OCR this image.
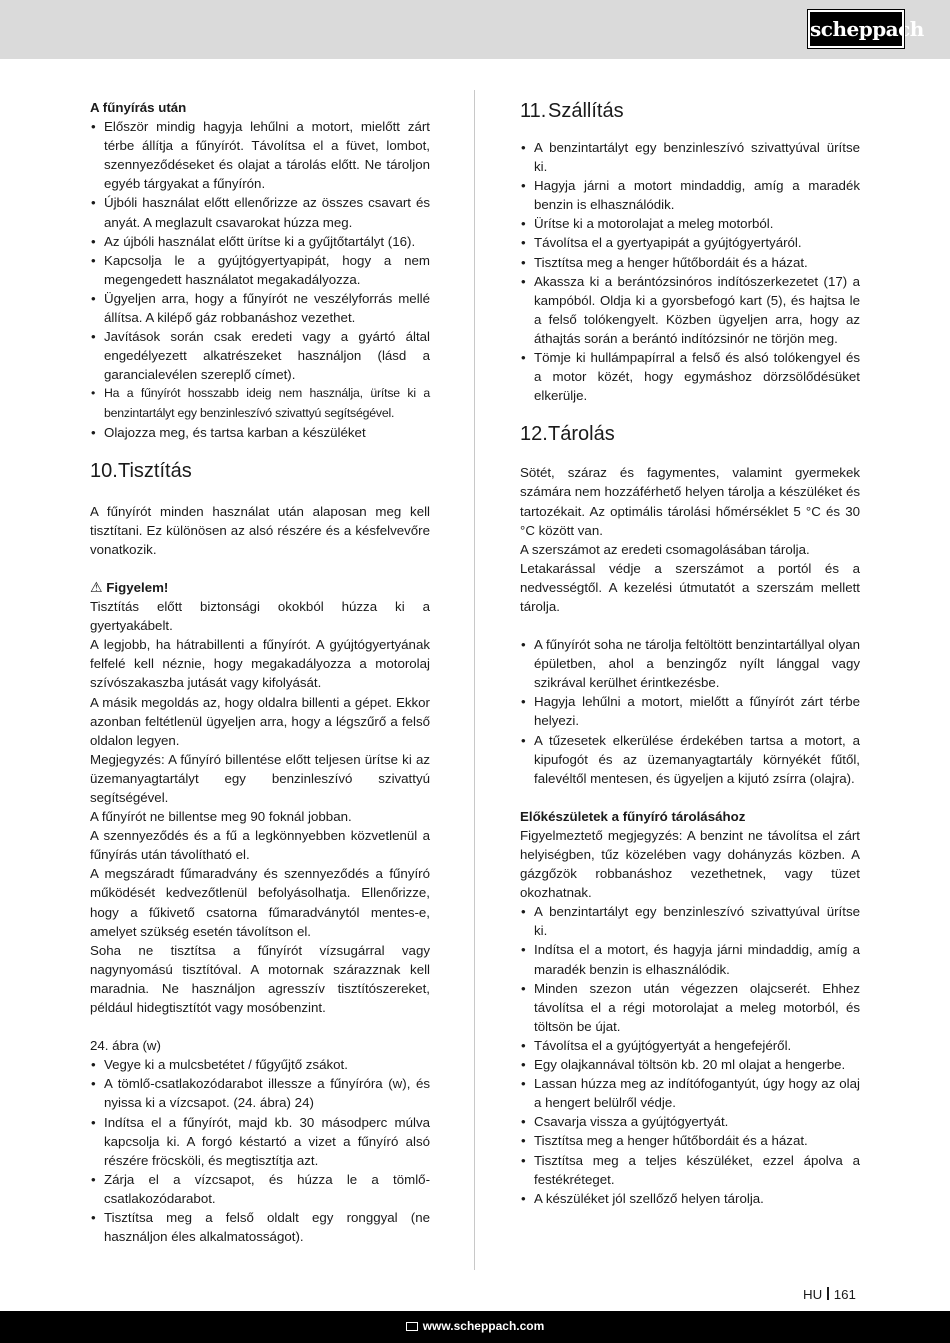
scheppach

A fűnyírás után

• Először mindig hagyja lehűlni a motort, mielőtt zárt térbe állítja a fűnyírót. Távolítsa el a füvet, lombot, szennyeződéseket és olajat a tárolás előtt. Ne tároljon egyéb tárgyakat a fűnyírón.
• Újbóli használat előtt ellenőrizze az összes csavart és anyát. A meglazult csavarokat húzza meg.
• Az újbóli használat előtt ürítse ki a gyűjtőtartályt (16).
• Kapcsolja le a gyújtógyertyapipát, hogy a nem megengedett használatot megakadályozza.
• Ügyeljen arra, hogy a fűnyírót ne veszélyforrás mellé állítsa. A kilépő gáz robbanáshoz vezethet.
• Javítások során csak eredeti vagy a gyártó által engedélyezett alkatrészeket használjon (lásd a garancialevélen szereplő címet).
• Ha a fűnyírót hosszabb ideig nem használja, ürítse ki a benzintartályt egy benzinleszívó szivattyú segítségével.
• Olajozza meg, és tartsa karban a készüléket
10.Tisztítás

A fűnyírót minden használat után alaposan meg kell tisztítani. Ez különösen az alsó részére és a késfelvevőre vonatkozik.

⚠ Figyelem!

Tisztítás előtt biztonsági okokból húzza ki a gyertyakábelt.

A legjobb, ha hátrabillenti a fűnyírót. A gyújtógyertyának felfelé kell néznie, hogy megakadályozza a motorolaj szívószakaszba jutását vagy kifolyását.

A másik megoldás az, hogy oldalra billenti a gépet. Ekkor azonban feltétlenül ügyeljen arra, hogy a légszűrő a felső oldalon legyen.

Megjegyzés: A fűnyíró billentése előtt teljesen ürítse ki az üzemanyagtartályt egy benzinleszívó szivattyú segítségével.

A fűnyírót ne billentse meg 90 foknál jobban.

A szennyeződés és a fű a legkönnyebben közvetlenül a fűnyírás után távolítható el.

A megszáradt fűmaradvány és szennyeződés a fűnyíró működését kedvezőtlenül befolyásolhatja. Ellenőrizze, hogy a fűkivető csatorna fűmaradványtól mentes-e, amelyet szükség esetén távolítson el.

Soha ne tisztítsa a fűnyírót vízsugárral vagy nagynyomású tisztítóval. A motornak szárazznak kell maradnia. Ne használjon agresszív tisztítószereket, például hidegtisztítót vagy mosóbenzint.

24. ábra (w)

• Vegye ki a mulcsbetétet / fűgyűjtő zsákot.
• A tömlő-csatlakozódarabot illessze a fűnyíróra (w), és nyissa ki a vízcsapot. (24. ábra) 24)
• Indítsa el a fűnyírót, majd kb. 30 másodperc múlva kapcsolja ki. A forgó késtartó a vizet a fűnyíró alsó részére fröcsköli, és megtisztítja azt.
• Zárja el a vízcsapot, és húzza le a tömlő-csatlakozódarabot.
• Tisztítsa meg a felső oldalt egy ronggyal (ne használjon éles alkalmatosságot).
11.Szállítás
• A benzintartályt egy benzinleszívó szivattyúval ürítse ki.
• Hagyja járni a motort mindaddig, amíg a maradék benzin is elhasználódik.
• Ürítse ki a motorolajat a meleg motorból.
• Távolítsa el a gyertyapipát a gyújtógyertyáról.
• Tisztítsa meg a henger hűtőbordáit és a házat.
• Akassza ki a berántózsinóros indítószerkezetet (17) a kampóból. Oldja ki a gyorsbefogó kart (5), és hajtsa le a felső tolókengyelt. Közben ügyeljen arra, hogy az áthajtás során a berántó indítózsinór ne törjön meg.
• Tömje ki hullámpapírral a felső és alsó tolókengyel és a motor közét, hogy egymáshoz dörzsölődésüket elkerülje.
12.Tárolás

Sötét, száraz és fagymentes, valamint gyermekek számára nem hozzáférhető helyen tárolja a készüléket és tartozékait. Az optimális tárolási hőmérséklet 5 °C és 30 °C között van.

A szerszámot az eredeti csomagolásában tárolja.

Letakarással védje a szerszámot a portól és a nedvességtől. A kezelési útmutatót a szerszám mellett tárolja.

• A fűnyírót soha ne tárolja feltöltött benzintartállyal olyan épületben, ahol a benzingőz nyílt lánggal vagy szikrával kerülhet érintkezésbe.
• Hagyja lehűlni a motort, mielőtt a fűnyírót zárt térbe helyezi.
• A tűzesetek elkerülése érdekében tartsa a motort, a kipufogót és az üzemanyagtartály környékét fűtől, falevéltől mentesen, és ügyeljen a kijutó zsírra (olajra).

Előkészületek a fűnyíró tárolásához

Figyelmeztető megjegyzés: A benzint ne távolítsa el zárt helyiségben, tűz közelében vagy dohányzás közben. A gázgőzök robbanáshoz vezethetnek, vagy tüzet okozhatnak.

• A benzintartályt egy benzinleszívó szivattyúval ürítse ki.
• Indítsa el a motort, és hagyja járni mindaddig, amíg a maradék benzin is elhasználódik.
• Minden szezon után végezzen olajcserét. Ehhez távolítsa el a régi motorolajat a meleg motorból, és töltsön be újat.
• Távolítsa el a gyújtógyertyát a hengefejéről.
• Egy olajkannával töltsön kb. 20 ml olajat a hengerbe.
• Lassan húzza meg az indítófogantyút, úgy hogy az olaj a hengert belülről védje.
• Csavarja vissza a gyújtógyertyát.
• Tisztítsa meg a henger hűtőbordáit és a házat.
• Tisztítsa meg a teljes készüléket, ezzel ápolva a festékréteget.
• A készüléket jól szellőző helyen tárolja.
HU 161
www.scheppach.com
